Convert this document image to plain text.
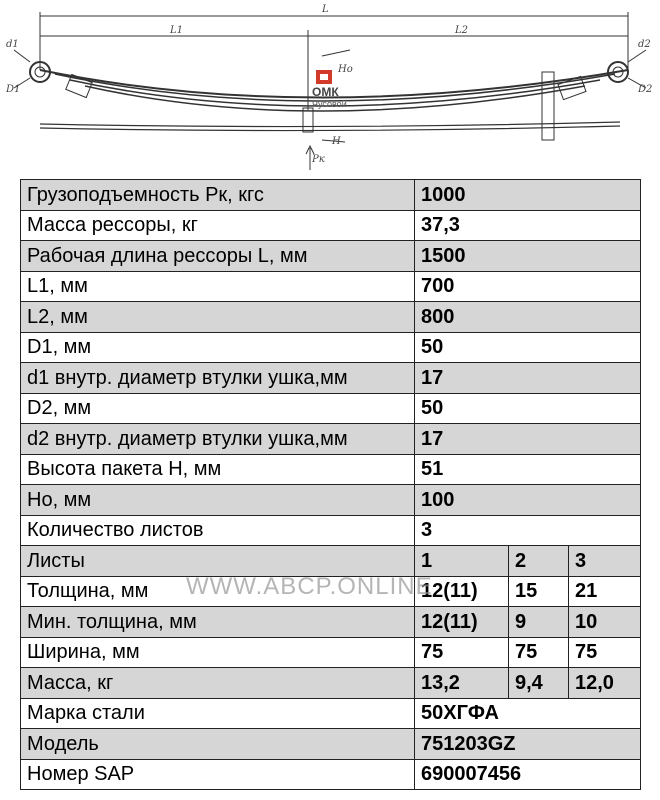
L
L1	L2
d1
D1
d2
D2
Ho
H
Pк
ОМК
Чусовой
Грузоподъемность Pк, кгс	1000		
Масса рессоры, кг	37,3		
Рабочая длина рессоры L, мм	1500		
L1, мм	700		
L2, мм	800		
D1, мм	50		
d1 внутр. диаметр втулки ушка,мм	17		
D2, мм	50		
d2 внутр. диаметр втулки ушка,мм	17		
Высота пакета H, мм	51		
Ho, мм	100		
Количество листов	3		
Листы	1	2	3
Толщина, мм	12(11)	15	21
Мин. толщина, мм	12(11)	9	10
Ширина, мм	75	75	75
Масса, кг	13,2	9,4	12,0
Марка стали	50ХГФА		
Модель	751203GZ		
Номер SAP	690007456		
WWW.ABCP.ONLINE
